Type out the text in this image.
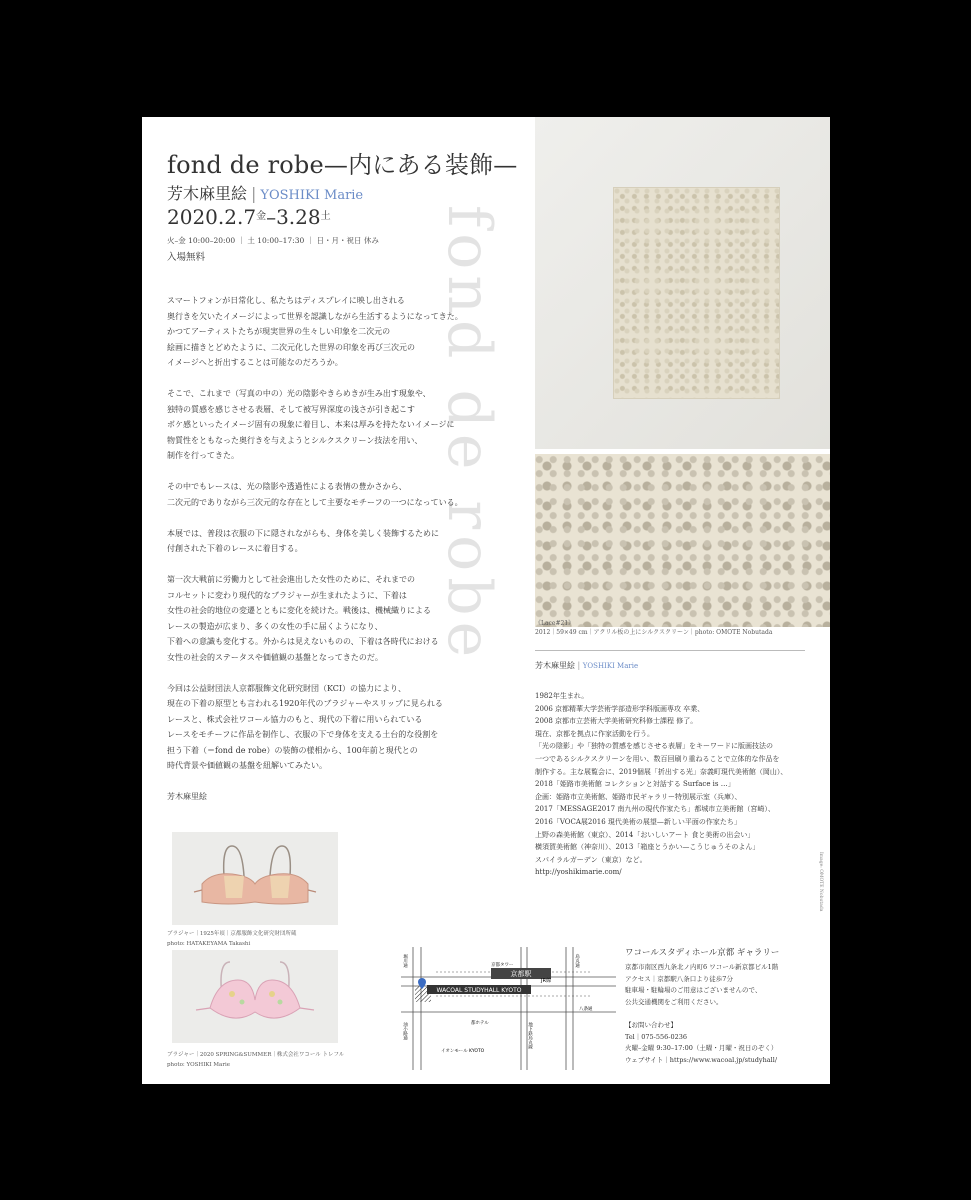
fond de robe—内にある装飾—
芳木麻里絵 | YOSHIKI Marie
$2020.2.7^金-3.28^土$
火–金 10:00–20:00 ｜ 土 10:00–17:30 ｜ 日・月・祝日 休み
入場無料	fond de robe

スマートフォンが日常化し、私たちはディスプレイに映し出される
奥行きを欠いたイメージによって世界を認識しながら生活するようになってきた。
かつてアーティストたちが現実世界の生々しい印象を二次元の
絵画に描きとどめたように、二次元化した世界の印象を再び三次元の
イメージへと折出することは可能なのだろうか。

そこで、これまで（写真の中の）光の陰影やきらめきが生み出す現象や、
独特の質感を感じさせる表層、そして被写界深度の浅さが引き起こす
ボケ感といったイメージ固有の現象に着目し、本来は厚みを持たないイメージに
物質性をともなった奥行きを与えようとシルクスクリーン技法を用い、
制作を行ってきた。

その中でもレースは、光の陰影や透過性による表情の豊かさから、
二次元的でありながら三次元的な存在として主要なモチーフの一つになっている。

本展では、普段は衣服の下に隠されながらも、身体を美しく装飾するために
付創された下着のレースに着目する。

第一次大戦前に労働力として社会進出した女性のために、それまでの
コルセットに変わり現代的なブラジャーが生まれたように、下着は
女性の社会的地位の変遷とともに変化を続けた。戦後は、機械織りによる
レースの製造が広まり、多くの女性の手に届くようになり、
下着への意識も変化する。外からは見えないものの、下着は各時代における
女性の社会的ステータスや価値観の基盤となってきたのだ。

今回は公益財団法人京都服飾文化研究財団（KCI）の協力により、
現在の下着の原型とも言われる1920年代のブラジャーやスリップに見られる
レースと、株式会社ワコール協力のもと、現代の下着に用いられている
レースをモチーフに作品を制作し、衣服の下で身体を支える土台的な役割を
担う下着（＝fond de robe）の装飾の様相から、100年前と現代との
時代背景や価値観の基盤を紐解いてみたい。

芳木麻里絵

《Lace#21》
2012｜59×49 cm｜アクリル板の上にシルクスクリーン｜photo: OMOTE Nobutada
芳木麻里絵 | YOSHIKI Marie
1982年生まれ。
2006 京都精華大学芸術学部造形学科版画専攻 卒業、
2008 京都市立芸術大学美術研究科修士課程 修了。
現在、京都を拠点に作家活動を行う。
「光の陰影」や「独特の質感を感じさせる表層」をキーワードに版画技法の
一つであるシルクスクリーンを用い、数百回刷り重ねることで立体的な作品を
制作する。主な展覧会に、2019個展「折出する光」奈義町現代美術館（岡山）、
2018「姫路市美術館 コレクションと対話する Surface is …」
企画：姫路市立美術館、姫路市民ギャラリー特別展示室（兵庫）、
2017「MESSAGE2017 南九州の現代作家たち」都城市立美術館（宮崎）、
2016「VOCA展2016 現代美術の展望—新しい平面の作家たち」
上野の森美術館（東京）、2014「おいしいアート 食と美術の出会い」
横須賀美術館（神奈川）、2013「箱座とうかい—こうじゅうそのよん」
スパイラルガーデン（東京）など。
http://yoshikimarie.com/	Image: OMOTE Nobutada
ブラジャー｜1925年頃｜京都服飾文化研究財団所蔵
photo: HATAKEYAMA Takashi
ブラジャー｜2020 SPRING&SUMMER｜株式会社ワコール トレフル
photo: YOSHIKI Marie
京都駅
WACOAL STUDYHALL KYOTO
京都タワー
JR線
都ホテル
イオンモール KYOTO
八条通
堀川通	烏丸通
油小路通	地下鉄烏丸線
ワコールスタディホール京都 ギャラリー
京都市南区西九条北ノ内町6 ワコール新京都ビル1階
アクセス｜京都駅八条口より徒歩7分
駐車場・駐輪場のご用意はございませんので、
公共交通機関をご利用ください。
【お問い合わせ】
Tel｜075-556-0236
火曜–金曜 9:30–17:00（土曜・月曜・祝日のぞく）
ウェブサイト｜https://www.wacoal.jp/studyhall/
